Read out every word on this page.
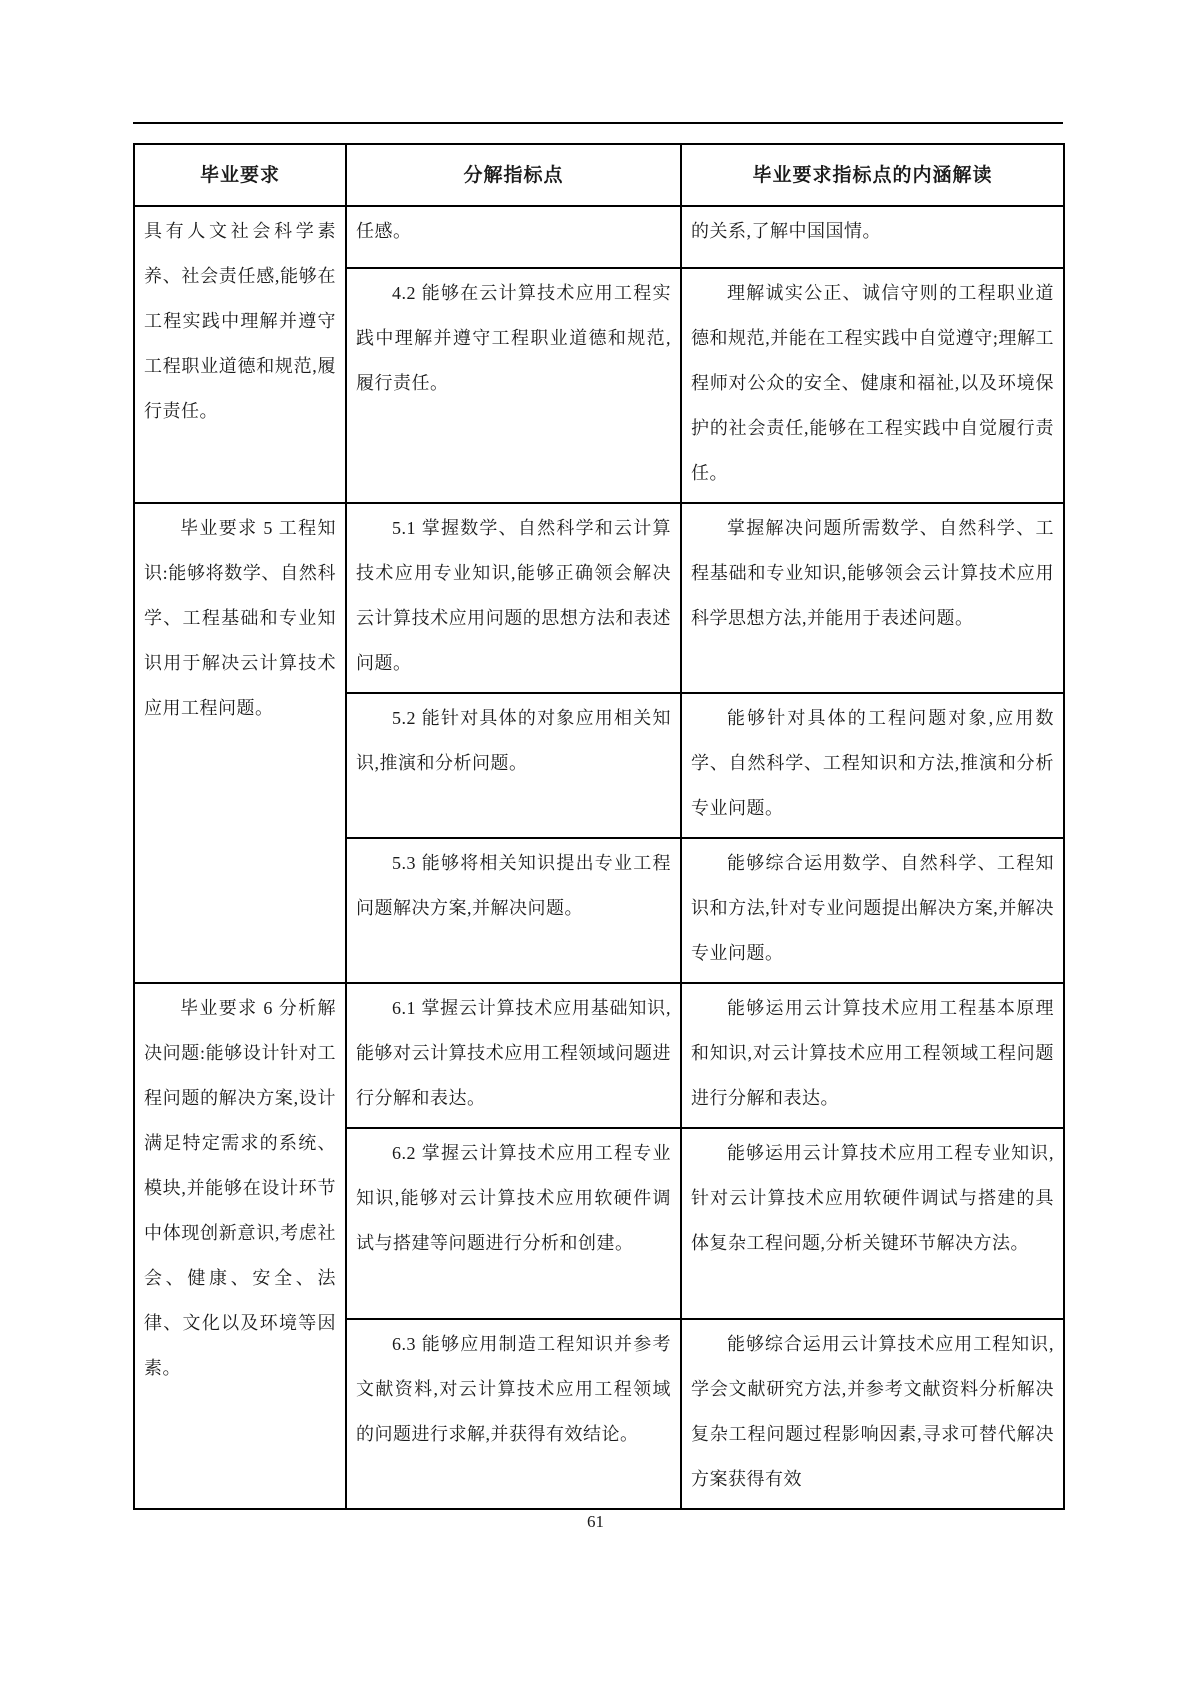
毕业要求	分解指标点	毕业要求指标点的内涵解读

具有人文社会科学素养、社会责任感,能够在工程实践中理解并遵守工程职业道德和规范,履行责任。	任感。	的关系,了解中国国情。

	4.2 能够在云计算技术应用工程实践中理解并遵守工程职业道德和规范,履行责任。	理解诚实公正、诚信守则的工程职业道德和规范,并能在工程实践中自觉遵守;理解工程师对公众的安全、健康和福祉,以及环境保护的社会责任,能够在工程实践中自觉履行责任。

毕业要求 5 工程知识:能够将数学、自然科学、工程基础和专业知识用于解决云计算技术应用工程问题。	5.1 掌握数学、自然科学和云计算技术应用专业知识,能够正确领会解决云计算技术应用问题的思想方法和表述问题。	掌握解决问题所需数学、自然科学、工程基础和专业知识,能够领会云计算技术应用科学思想方法,并能用于表述问题。

	5.2 能针对具体的对象应用相关知识,推演和分析问题。	能够针对具体的工程问题对象,应用数学、自然科学、工程知识和方法,推演和分析专业问题。

	5.3 能够将相关知识提出专业工程问题解决方案,并解决问题。	能够综合运用数学、自然科学、工程知识和方法,针对专业问题提出解决方案,并解决专业问题。

毕业要求 6 分析解决问题:能够设计针对工程问题的解决方案,设计满足特定需求的系统、模块,并能够在设计环节中体现创新意识,考虑社会、健康、安全、法律、文化以及环境等因素。	6.1 掌握云计算技术应用基础知识,能够对云计算技术应用工程领域问题进行分解和表达。	能够运用云计算技术应用工程基本原理和知识,对云计算技术应用工程领域工程问题进行分解和表达。

	6.2 掌握云计算技术应用工程专业知识,能够对云计算技术应用软硬件调试与搭建等问题进行分析和创建。	能够运用云计算技术应用工程专业知识,针对云计算技术应用软硬件调试与搭建的具体复杂工程问题,分析关键环节解决方法。

	6.3 能够应用制造工程知识并参考文献资料,对云计算技术应用工程领域的问题进行求解,并获得有效结论。	能够综合运用云计算技术应用工程知识,学会文献研究方法,并参考文献资料分析解决复杂工程问题过程影响因素,寻求可替代解决方案获得有效

61
